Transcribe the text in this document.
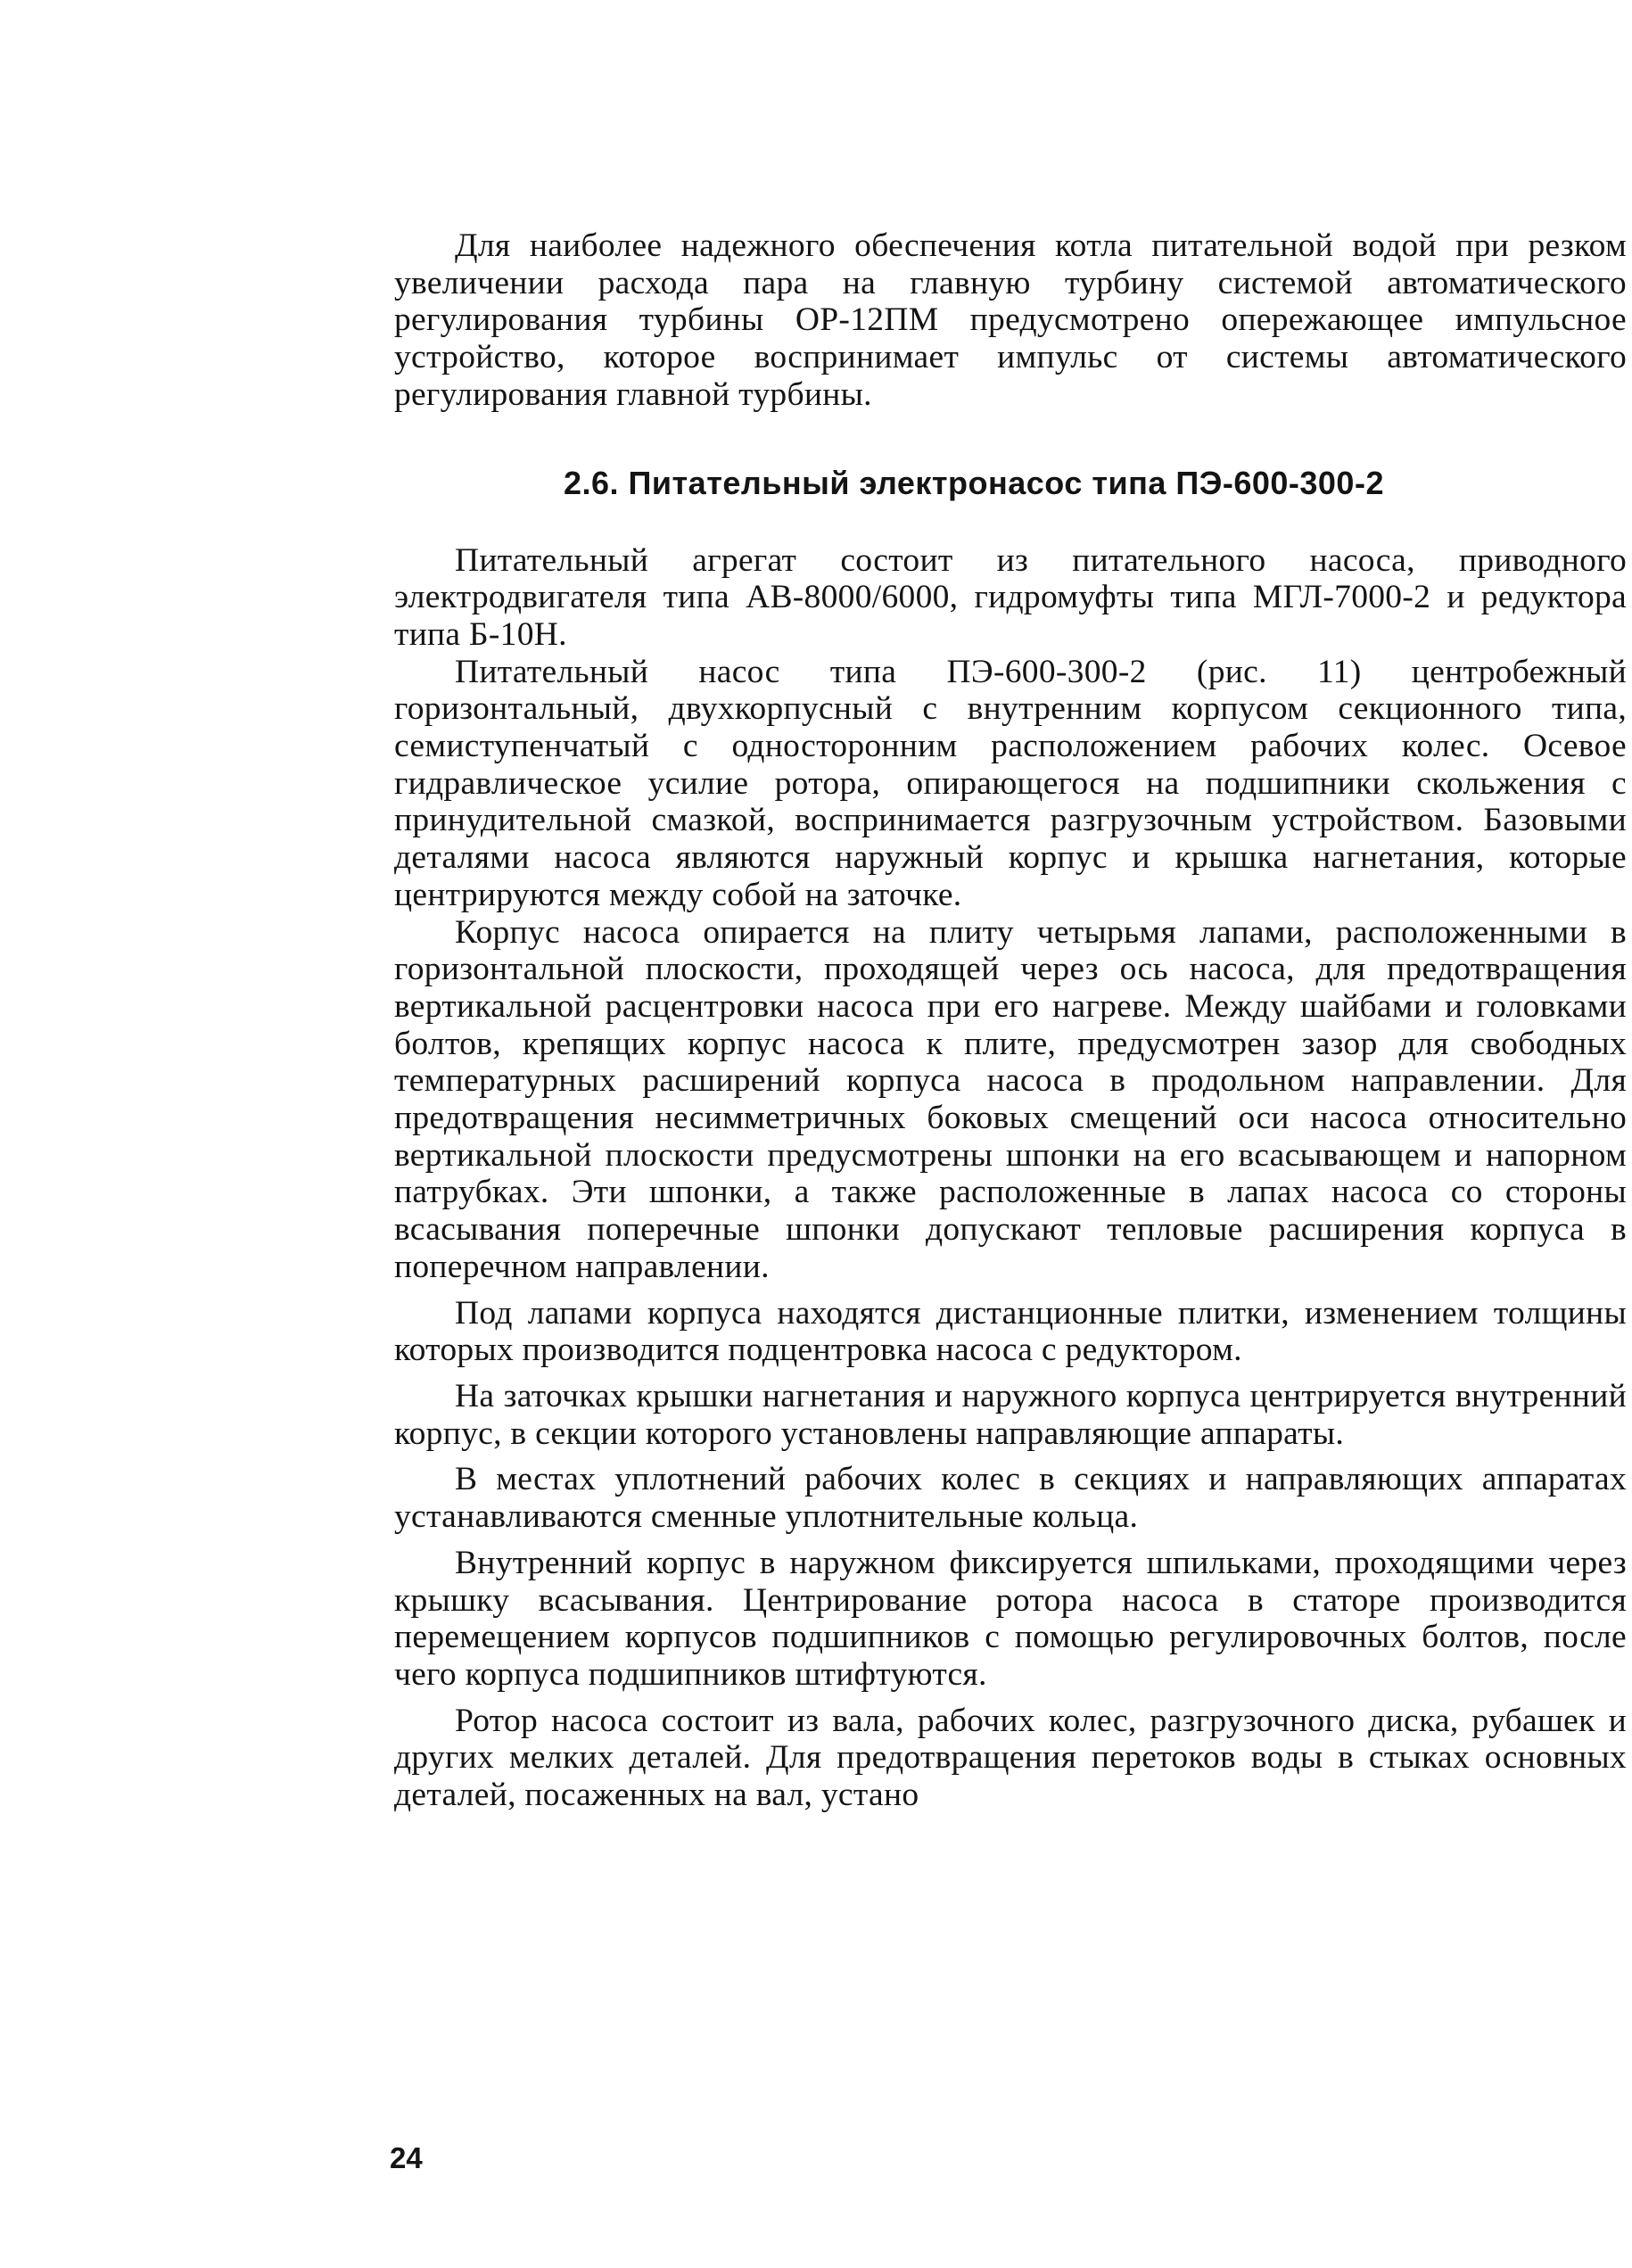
Для наиболее надежного обеспечения котла питательной водой при резком увеличении расхода пара на главную турбину системой автоматического регулирования турбины ОР-12ПМ предусмотрено опережающее импульсное устройство, которое воспринимает импульс от системы автоматического регулирования главной турбины.

2.6. Питательный электронасос типа ПЭ-600-300-2

Питательный агрегат состоит из питательного насоса, приводного электродвигателя типа АВ-8000/6000, гидромуфты типа МГЛ-7000-2 и редуктора типа Б-10Н.

Питательный насос типа ПЭ-600-300-2 (рис. 11) центробежный горизонтальный, двухкорпусный с внутренним корпусом секционного типа, семиступенчатый с односторонним расположением рабочих колес. Осевое гидравлическое усилие ротора, опирающегося на подшипники скольжения с принудительной смазкой, воспринимается разгрузочным устройством. Базовыми деталями насоса являются наружный корпус и крышка нагнетания, которые центрируются между собой на заточке.

Корпус насоса опирается на плиту четырьмя лапами, расположенными в горизонтальной плоскости, проходящей через ось насоса, для предотвращения вертикальной расцентровки насоса при его нагреве. Между шайбами и головками болтов, крепящих корпус насоса к плите, предусмотрен зазор для свободных температурных расширений корпуса насоса в продольном направлении. Для предотвращения несимметричных боковых смещений оси насоса относительно вертикальной плоскости предусмотрены шпонки на его всасывающем и напорном патрубках. Эти шпонки, а также расположенные в лапах насоса со стороны всасывания поперечные шпонки допускают тепловые расширения корпуса в поперечном направлении.

Под лапами корпуса находятся дистанционные плитки, изменением толщины которых производится подцентровка насоса с редуктором.

На заточках крышки нагнетания и наружного корпуса центрируется внутренний корпус, в секции которого установлены направляющие аппараты.

В местах уплотнений рабочих колес в секциях и направляющих аппаратах устанавливаются сменные уплотнительные кольца.

Внутренний корпус в наружном фиксируется шпильками, проходящими через крышку всасывания. Центрирование ротора насоса в статоре производится перемещением корпусов подшипников с помощью регулировочных болтов, после чего корпуса подшипников штифтуются.

Ротор насоса состоит из вала, рабочих колес, разгрузочного диска, рубашек и других мелких деталей. Для предотвращения перетоков воды в стыках основных деталей, посаженных на вал, устано

24
